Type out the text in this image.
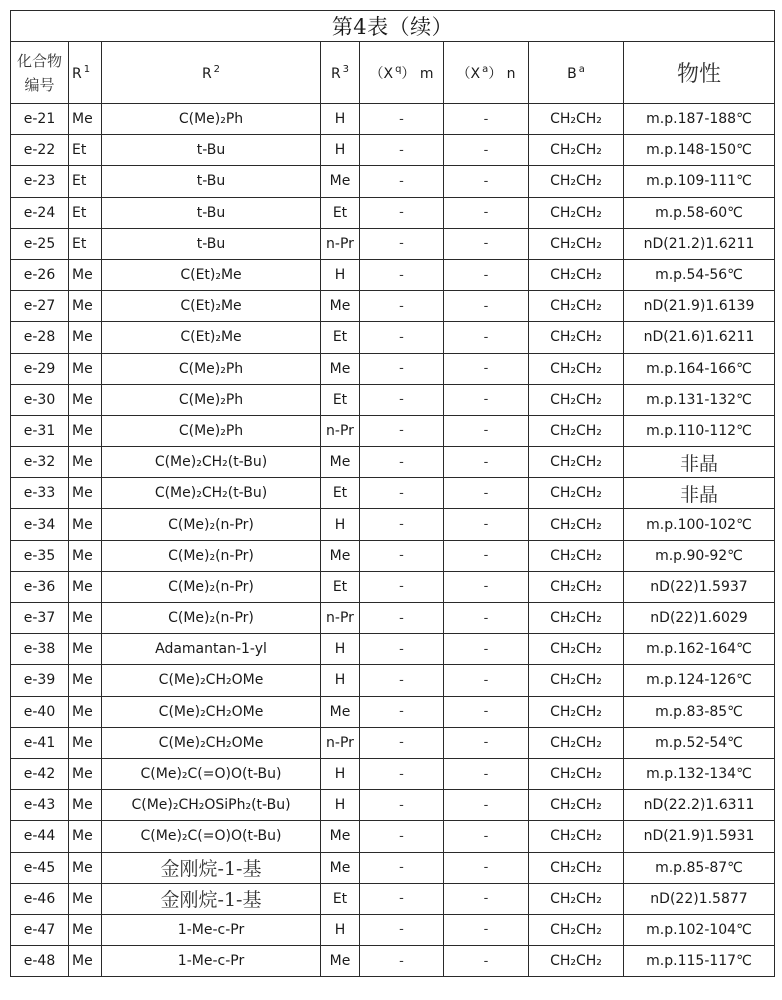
第4表（续）							

化合物
编号	R $^1$	R $^2$	R $^3$	（X $^q$） m	（X $^a$） n	B $^a$	物性
e-21	Me	C(Me)₂Ph	H	-	-	CH₂CH₂	m.p.187-188℃
e-22	Et	t-Bu	H	-	-	CH₂CH₂	m.p.148-150℃
e-23	Et	t-Bu	Me	-	-	CH₂CH₂	m.p.109-111℃
e-24	Et	t-Bu	Et	-	-	CH₂CH₂	m.p.58-60℃
e-25	Et	t-Bu	n-Pr	-	-	CH₂CH₂	nD(21.2)1.6211
e-26	Me	C(Et)₂Me	H	-	-	CH₂CH₂	m.p.54-56℃
e-27	Me	C(Et)₂Me	Me	-	-	CH₂CH₂	nD(21.9)1.6139
e-28	Me	C(Et)₂Me	Et	-	-	CH₂CH₂	nD(21.6)1.6211
e-29	Me	C(Me)₂Ph	Me	-	-	CH₂CH₂	m.p.164-166℃
e-30	Me	C(Me)₂Ph	Et	-	-	CH₂CH₂	m.p.131-132℃
e-31	Me	C(Me)₂Ph	n-Pr	-	-	CH₂CH₂	m.p.110-112℃
e-32	Me	C(Me)₂CH₂(t-Bu)	Me	-	-	CH₂CH₂	非晶
e-33	Me	C(Me)₂CH₂(t-Bu)	Et	-	-	CH₂CH₂	非晶
e-34	Me	C(Me)₂(n-Pr)	H	-	-	CH₂CH₂	m.p.100-102℃
e-35	Me	C(Me)₂(n-Pr)	Me	-	-	CH₂CH₂	m.p.90-92℃
e-36	Me	C(Me)₂(n-Pr)	Et	-	-	CH₂CH₂	nD(22)1.5937
e-37	Me	C(Me)₂(n-Pr)	n-Pr	-	-	CH₂CH₂	nD(22)1.6029
e-38	Me	Adamantan-1-yl	H	-	-	CH₂CH₂	m.p.162-164℃
e-39	Me	C(Me)₂CH₂OMe	H	-	-	CH₂CH₂	m.p.124-126℃
e-40	Me	C(Me)₂CH₂OMe	Me	-	-	CH₂CH₂	m.p.83-85℃
e-41	Me	C(Me)₂CH₂OMe	n-Pr	-	-	CH₂CH₂	m.p.52-54℃
e-42	Me	C(Me)₂C(=O)O(t-Bu)	H	-	-	CH₂CH₂	m.p.132-134℃
e-43	Me	C(Me)₂CH₂OSiPh₂(t-Bu)	H	-	-	CH₂CH₂	nD(22.2)1.6311
e-44	Me	C(Me)₂C(=O)O(t-Bu)	Me	-	-	CH₂CH₂	nD(21.9)1.5931
e-45	Me	金刚烷-1-基	Me	-	-	CH₂CH₂	m.p.85-87℃
e-46	Me	金刚烷-1-基	Et	-	-	CH₂CH₂	nD(22)1.5877
e-47	Me	1-Me-c-Pr	H	-	-	CH₂CH₂	m.p.102-104℃
e-48	Me	1-Me-c-Pr	Me	-	-	CH₂CH₂	m.p.115-117℃
